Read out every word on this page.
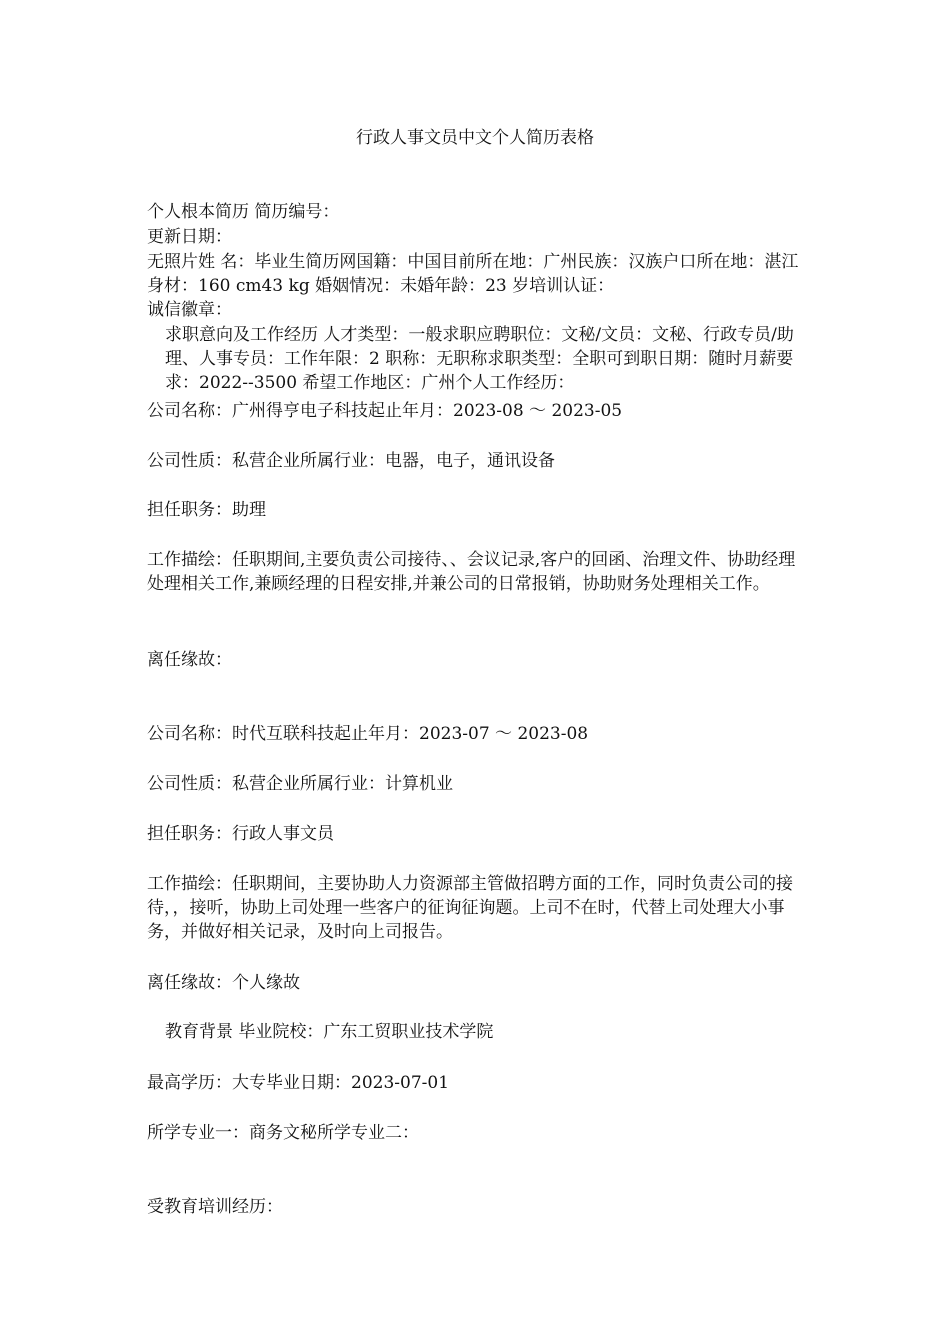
行政人事文员中文个人简历表格
个人根本简历 简历编号：
更新日期：
无照片姓 名：毕业生简历网国籍：中国目前所在地：广州民族：汉族户口所在地：湛江身材：160 cm43 kg 婚姻情况：未婚年龄：23 岁培训认证：
诚信徽章：
求职意向及工作经历 人才类型：一般求职应聘职位：文秘/文员：文秘、行政专员/助理、人事专员：工作年限：2 职称：无职称求职类型：全职可到职日期：随时月薪要求：2022--3500 希望工作地区：广州个人工作经历：
公司名称：广州得亨电子科技起止年月：2023-08 ～ 2023-05
公司性质：私营企业所属行业：电器，电子，通讯设备
担任职务：助理
工作描绘：任职期间,主要负责公司接待、、会议记录,客户的回函、治理文件、协助经理处理相关工作,兼顾经理的日程安排,并兼公司的日常报销，协助财务处理相关工作。
离任缘故：
公司名称：时代互联科技起止年月：2023-07 ～ 2023-08
公司性质：私营企业所属行业：计算机业
担任职务：行政人事文员
工作描绘：任职期间，主要协助人力资源部主管做招聘方面的工作，同时负责公司的接待，，接听，协助上司处理一些客户的征询征询题。上司不在时，代替上司处理大小事务，并做好相关记录，及时向上司报告。
离任缘故：个人缘故
教育背景 毕业院校：广东工贸职业技术学院
最高学历：大专毕业日期：2023-07-01
所学专业一：商务文秘所学专业二：
受教育培训经历：
